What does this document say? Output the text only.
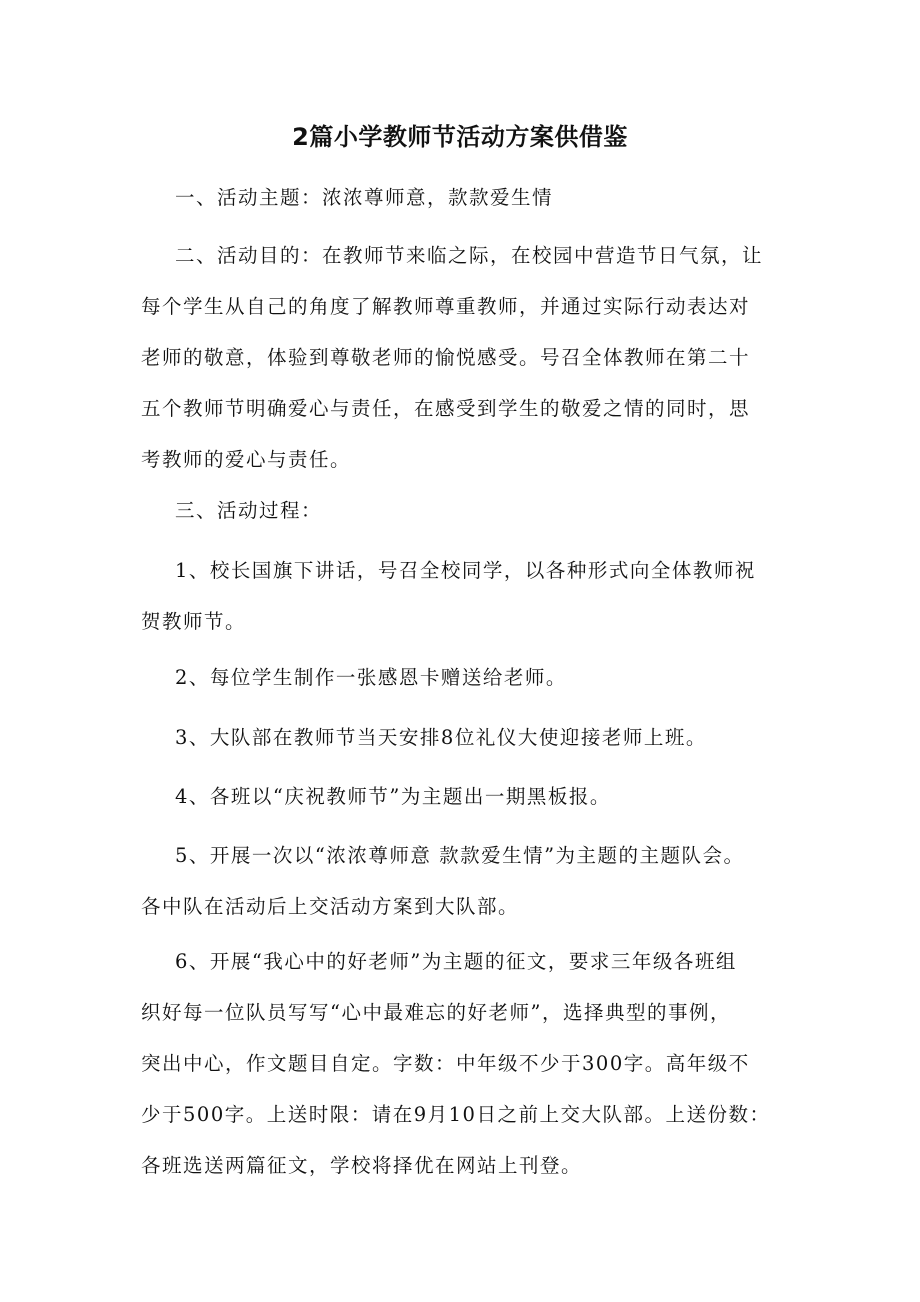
2篇小学教师节活动方案供借鉴

一、活动主题：浓浓尊师意，款款爱生情

二、活动目的：在教师节来临之际，在校园中营造节日气氛，让
每个学生从自己的角度了解教师尊重教师，并通过实际行动表达对
老师的敬意，体验到尊敬老师的愉悦感受。号召全体教师在第二十
五个教师节明确爱心与责任，在感受到学生的敬爱之情的同时，思
考教师的爱心与责任。

三、活动过程：

1、校长国旗下讲话，号召全校同学，以各种形式向全体教师祝
贺教师节。

2、每位学生制作一张感恩卡赠送给老师。

3、大队部在教师节当天安排8位礼仪大使迎接老师上班。

4、各班以“庆祝教师节”为主题出一期黑板报。

5、开展一次以“浓浓尊师意 款款爱生情”为主题的主题队会。
各中队在活动后上交活动方案到大队部。

6、开展“我心中的好老师”为主题的征文，要求三年级各班组
织好每一位队员写写“心中最难忘的好老师”，选择典型的事例，
突出中心，作文题目自定。字数：中年级不少于300字。高年级不
少于500字。上送时限：请在9月10日之前上交大队部。上送份数：
各班选送两篇征文，学校将择优在网站上刊登。
